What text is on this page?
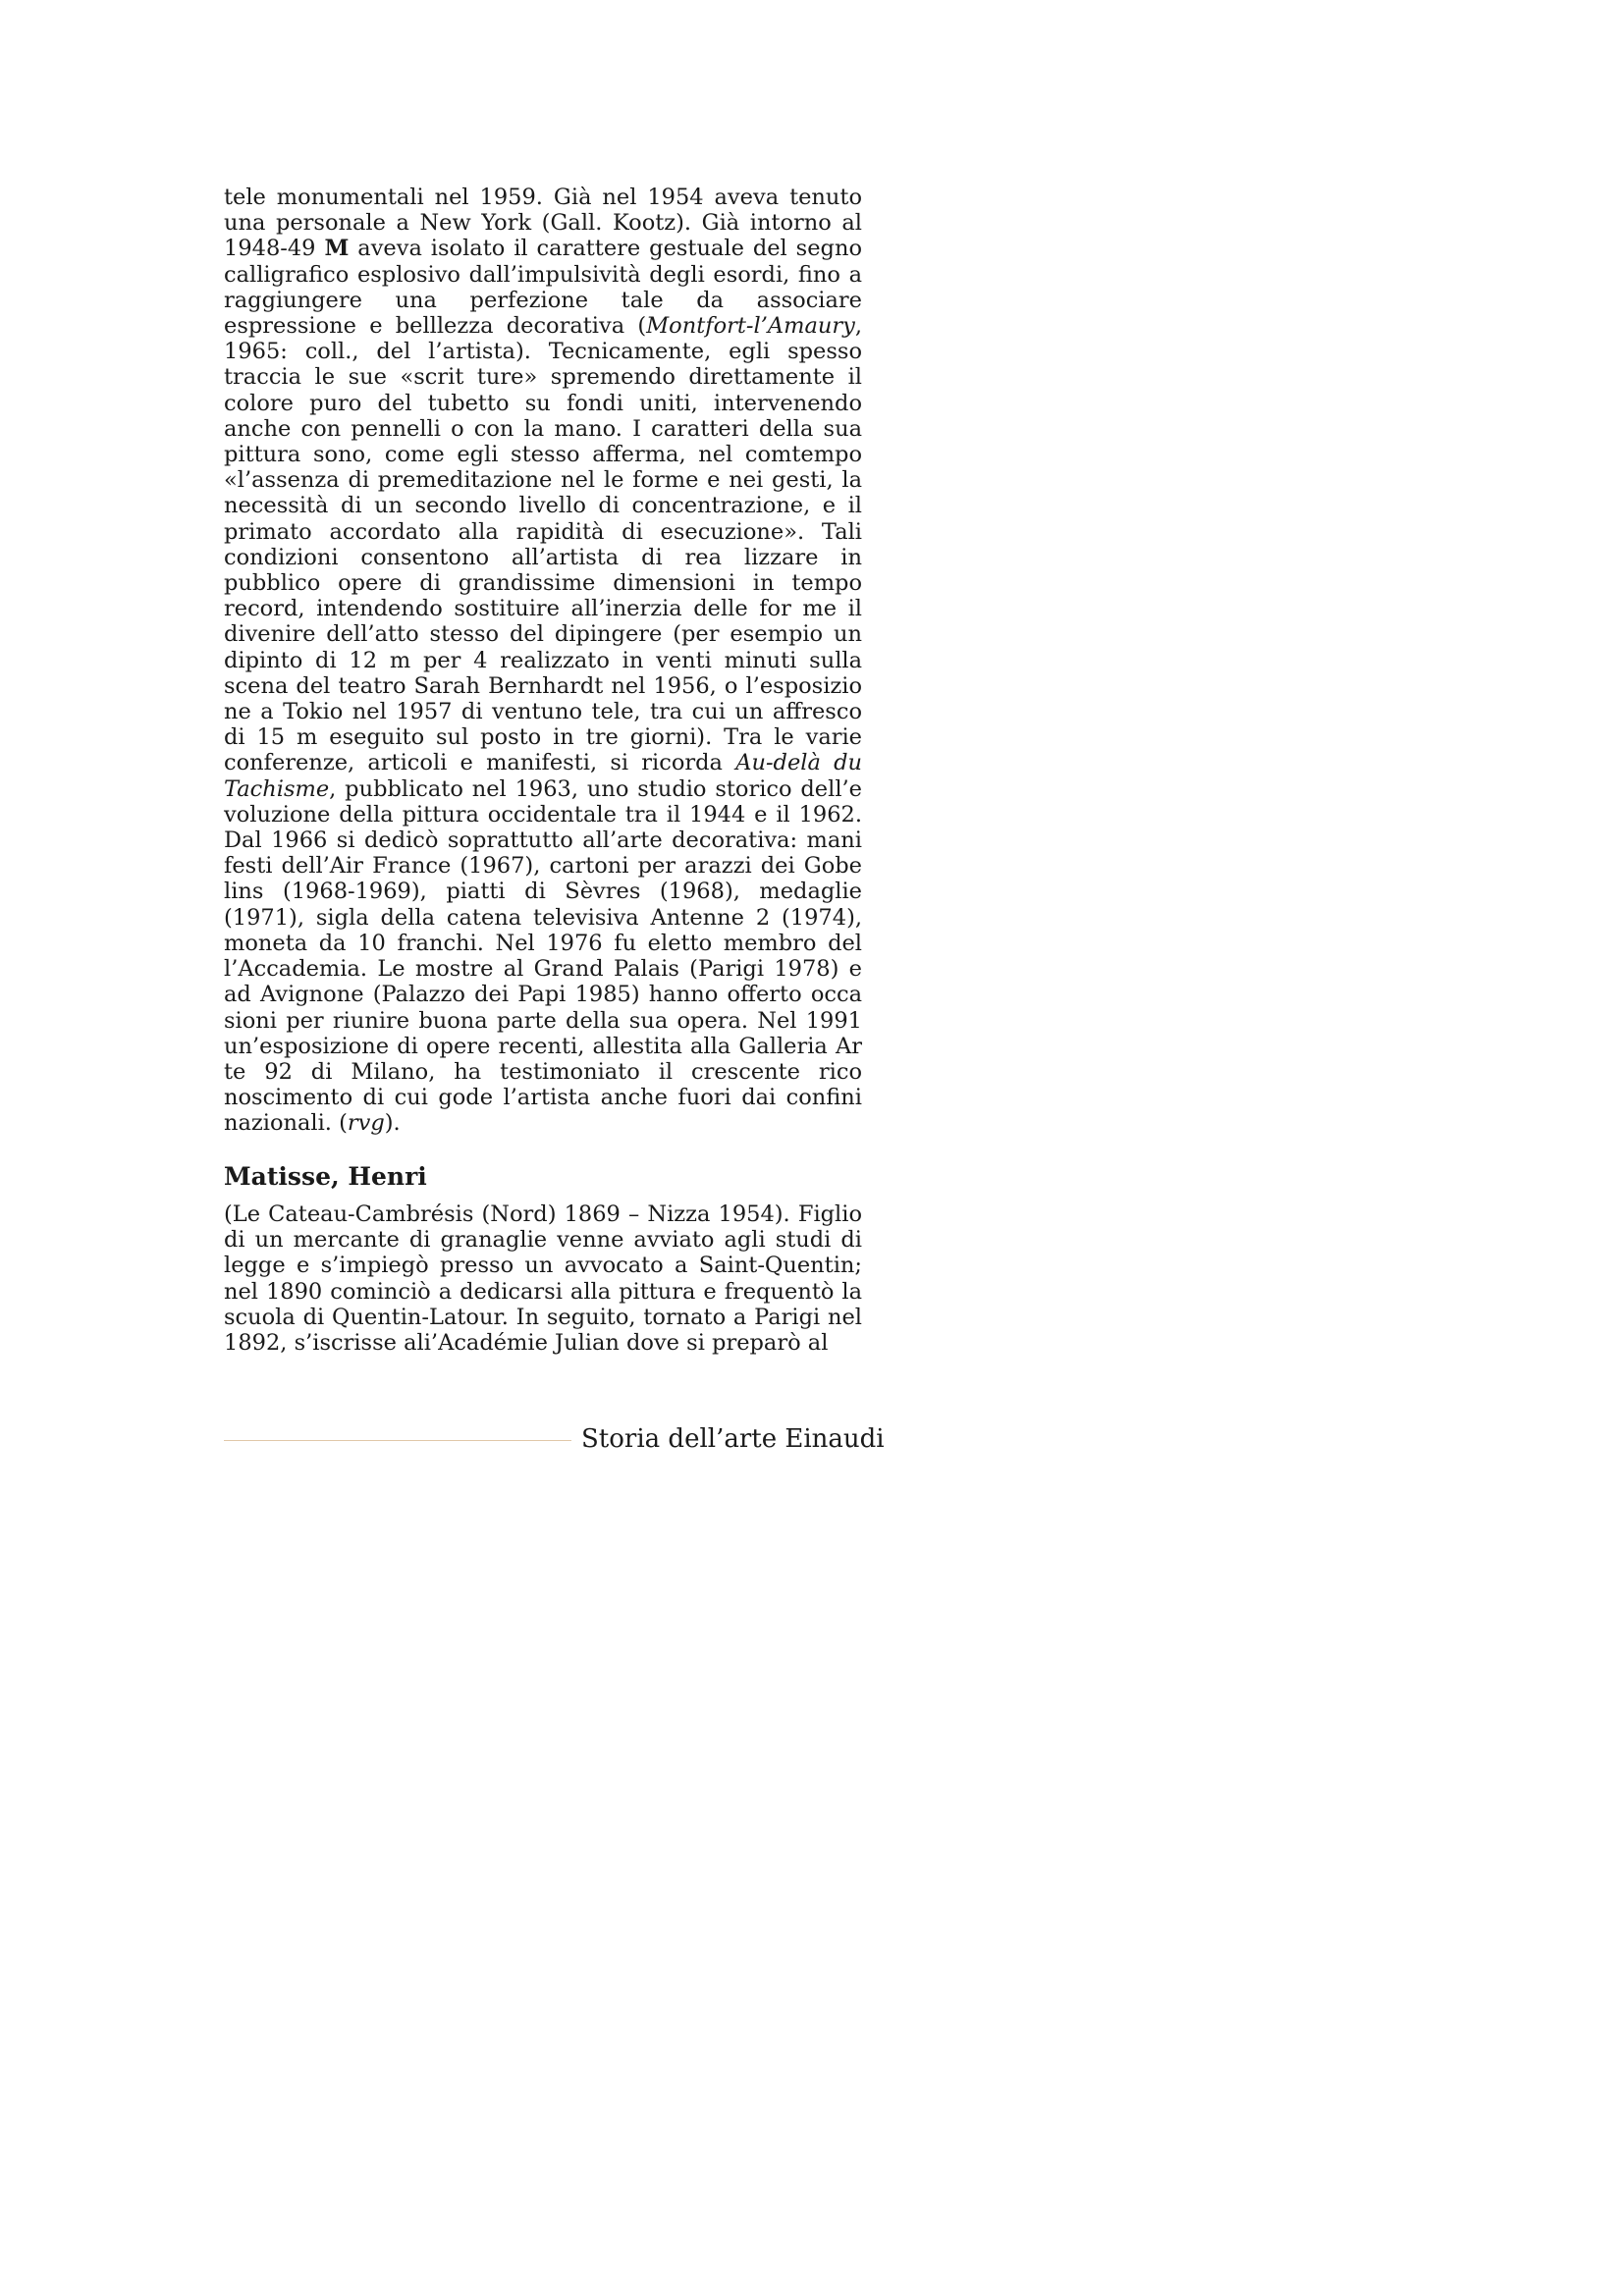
tele monumentali nel 1959. Già nel 1954 aveva tenuto una personale a New York (Gall. Kootz). Già intorno al 1948-49 M aveva isolato il carattere gestuale del segno calligrafico esplosivo dall’impulsività degli esordi, fino a raggiungere una perfezione tale da associare espressione e belllezza decorativa (Montfort-l’Amaury, 1965: coll., del l’artista). Tecnicamente, egli spesso traccia le sue «scrit ture» spremendo direttamente il colore puro del tubetto su fondi uniti, intervenendo anche con pennelli o con la mano. I caratteri della sua pittura sono, come egli stesso afferma, nel comtempo «l’assenza di premeditazione nel le forme e nei gesti, la necessità di un secondo livello di concentrazione, e il primato accordato alla rapidità di esecuzione». Tali condizioni consentono all’artista di rea lizzare in pubblico opere di grandissime dimensioni in tempo record, intendendo sostituire all’inerzia delle for me il divenire dell’atto stesso del dipingere (per esempio un dipinto di 12 m per 4 realizzato in venti minuti sulla scena del teatro Sarah Bernhardt nel 1956, o l’esposizio ne a Tokio nel 1957 di ventuno tele, tra cui un affresco di 15 m eseguito sul posto in tre giorni). Tra le varie conferenze, articoli e manifesti, si ricorda Au-delà du Tachisme, pubblicato nel 1963, uno studio storico dell’e voluzione della pittura occidentale tra il 1944 e il 1962. Dal 1966 si dedicò soprattutto all’arte decorativa: mani festi dell’Air France (1967), cartoni per arazzi dei Gobe lins (1968-1969), piatti di Sèvres (1968), medaglie (1971), sigla della catena televisiva Antenne 2 (1974), moneta da 10 franchi. Nel 1976 fu eletto membro del l’Accademia. Le mostre al Grand Palais (Parigi 1978) e ad Avignone (Palazzo dei Papi 1985) hanno offerto occa sioni per riunire buona parte della sua opera. Nel 1991 un’esposizione di opere recenti, allestita alla Galleria Ar te 92 di Milano, ha testimoniato il crescente rico noscimento di cui gode l’artista anche fuori dai confini nazionali. (rvg).

Matisse, Henri

(Le Cateau-Cambrésis (Nord) 1869 – Nizza 1954). Figlio di un mercante di granaglie venne avviato agli studi di legge e s’impiegò presso un avvocato a Saint-Quentin; nel 1890 cominciò a dedicarsi alla pittura e frequentò la scuola di Quentin-Latour. In seguito, tornato a Parigi nel 1892, s’iscrisse ali’Académie Julian dove si preparò al

Storia dell’arte Einaudi
